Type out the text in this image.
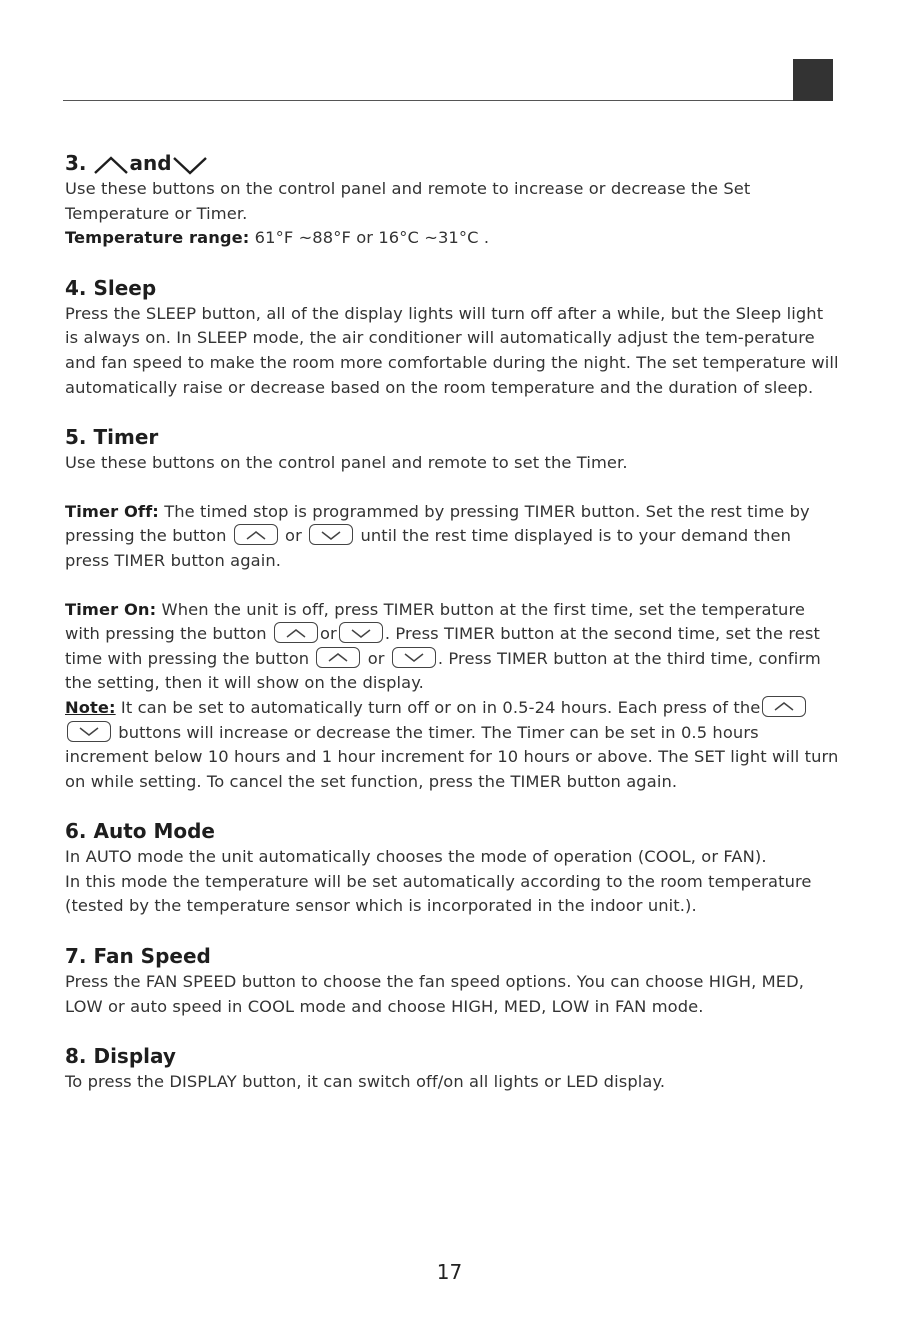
3. and

Use these buttons on the control panel and remote to increase or decrease the Set Temperature or Timer.

Temperature range: 61°F ~88°F or 16°C ~31°C .

4. Sleep

Press the SLEEP button, all of the display lights will turn off after a while, but the Sleep light is always on. In SLEEP mode, the air conditioner will automatically adjust the tem-perature and fan speed to make the room more comfortable during the night. The set temperature will automatically raise or decrease based on the room temperature and the duration of sleep.

5. Timer

Use these buttons on the control panel and remote to set the Timer.

Timer Off: The timed stop is programmed by pressing TIMER button. Set the rest time by pressing the button	or	until the rest time displayed is to your demand then press TIMER button again.

Timer On: When the unit is off, press TIMER button at the first time, set the temperature with pressing the button	or	. Press TIMER button at the second time, set the rest time with pressing the button	or	. Press TIMER button at the third time, confirm the setting, then it will show on the display.

Note: It can be set to automatically turn off or on in 0.5-24 hours. Each press of the

buttons will increase or decrease the timer. The Timer can be set in 0.5 hours increment below 10 hours and 1 hour increment for 10 hours or above. The SET light will turn on while setting. To cancel the set function, press the TIMER button again.

6. Auto Mode

In AUTO mode the unit automatically chooses the mode of operation (COOL, or FAN).

In this mode the temperature will be set automatically according to the room temperature (tested by the temperature sensor which is incorporated in the indoor unit.).

7. Fan Speed

Press the FAN SPEED button to choose the fan speed options. You can choose HIGH, MED, LOW or auto speed in COOL mode and choose HIGH, MED, LOW in FAN mode.

8. Display

To press the DISPLAY button, it can switch off/on all lights or LED display.

17
